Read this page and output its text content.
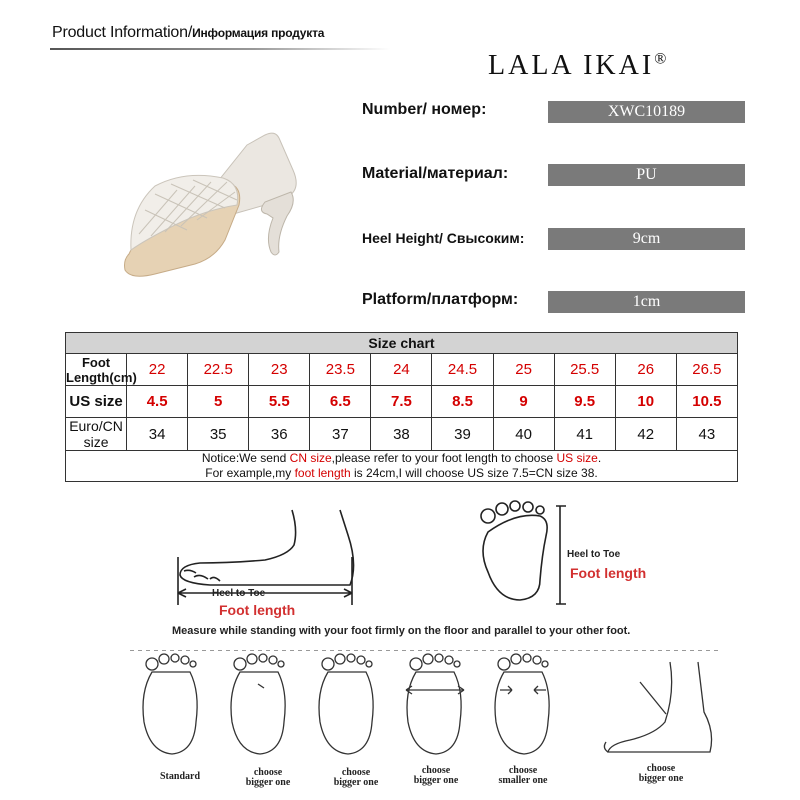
Product Information/Информация продукта
LALA IKAI®
Number/ номер:	XWC10189
Material/материал:	PU
Heel Height/ Свысоким:	9cm
Platform/платформ:	1cm
Size chart										
Foot Length(cm)	22	22.5	23	23.5	24	24.5	25	25.5	26	26.5
US size	4.5	5	5.5	6.5	7.5	8.5	9	9.5	10	10.5
Euro/CN size	34	35	36	37	38	39	40	41	42	43
Notice:We send CN size,please refer to your foot length to choose US size.
For example,my foot length is 24cm,I will choose US size 7.5=CN size 38.										
Heel to Toe
Foot length
Heel to Toe
Foot length
Measure while standing with your foot firmly on the floor and parallel to your other foot.
Standard	choose
bigger one
choose
bigger one
choose
bigger one
choose
smaller one
choose
bigger one
